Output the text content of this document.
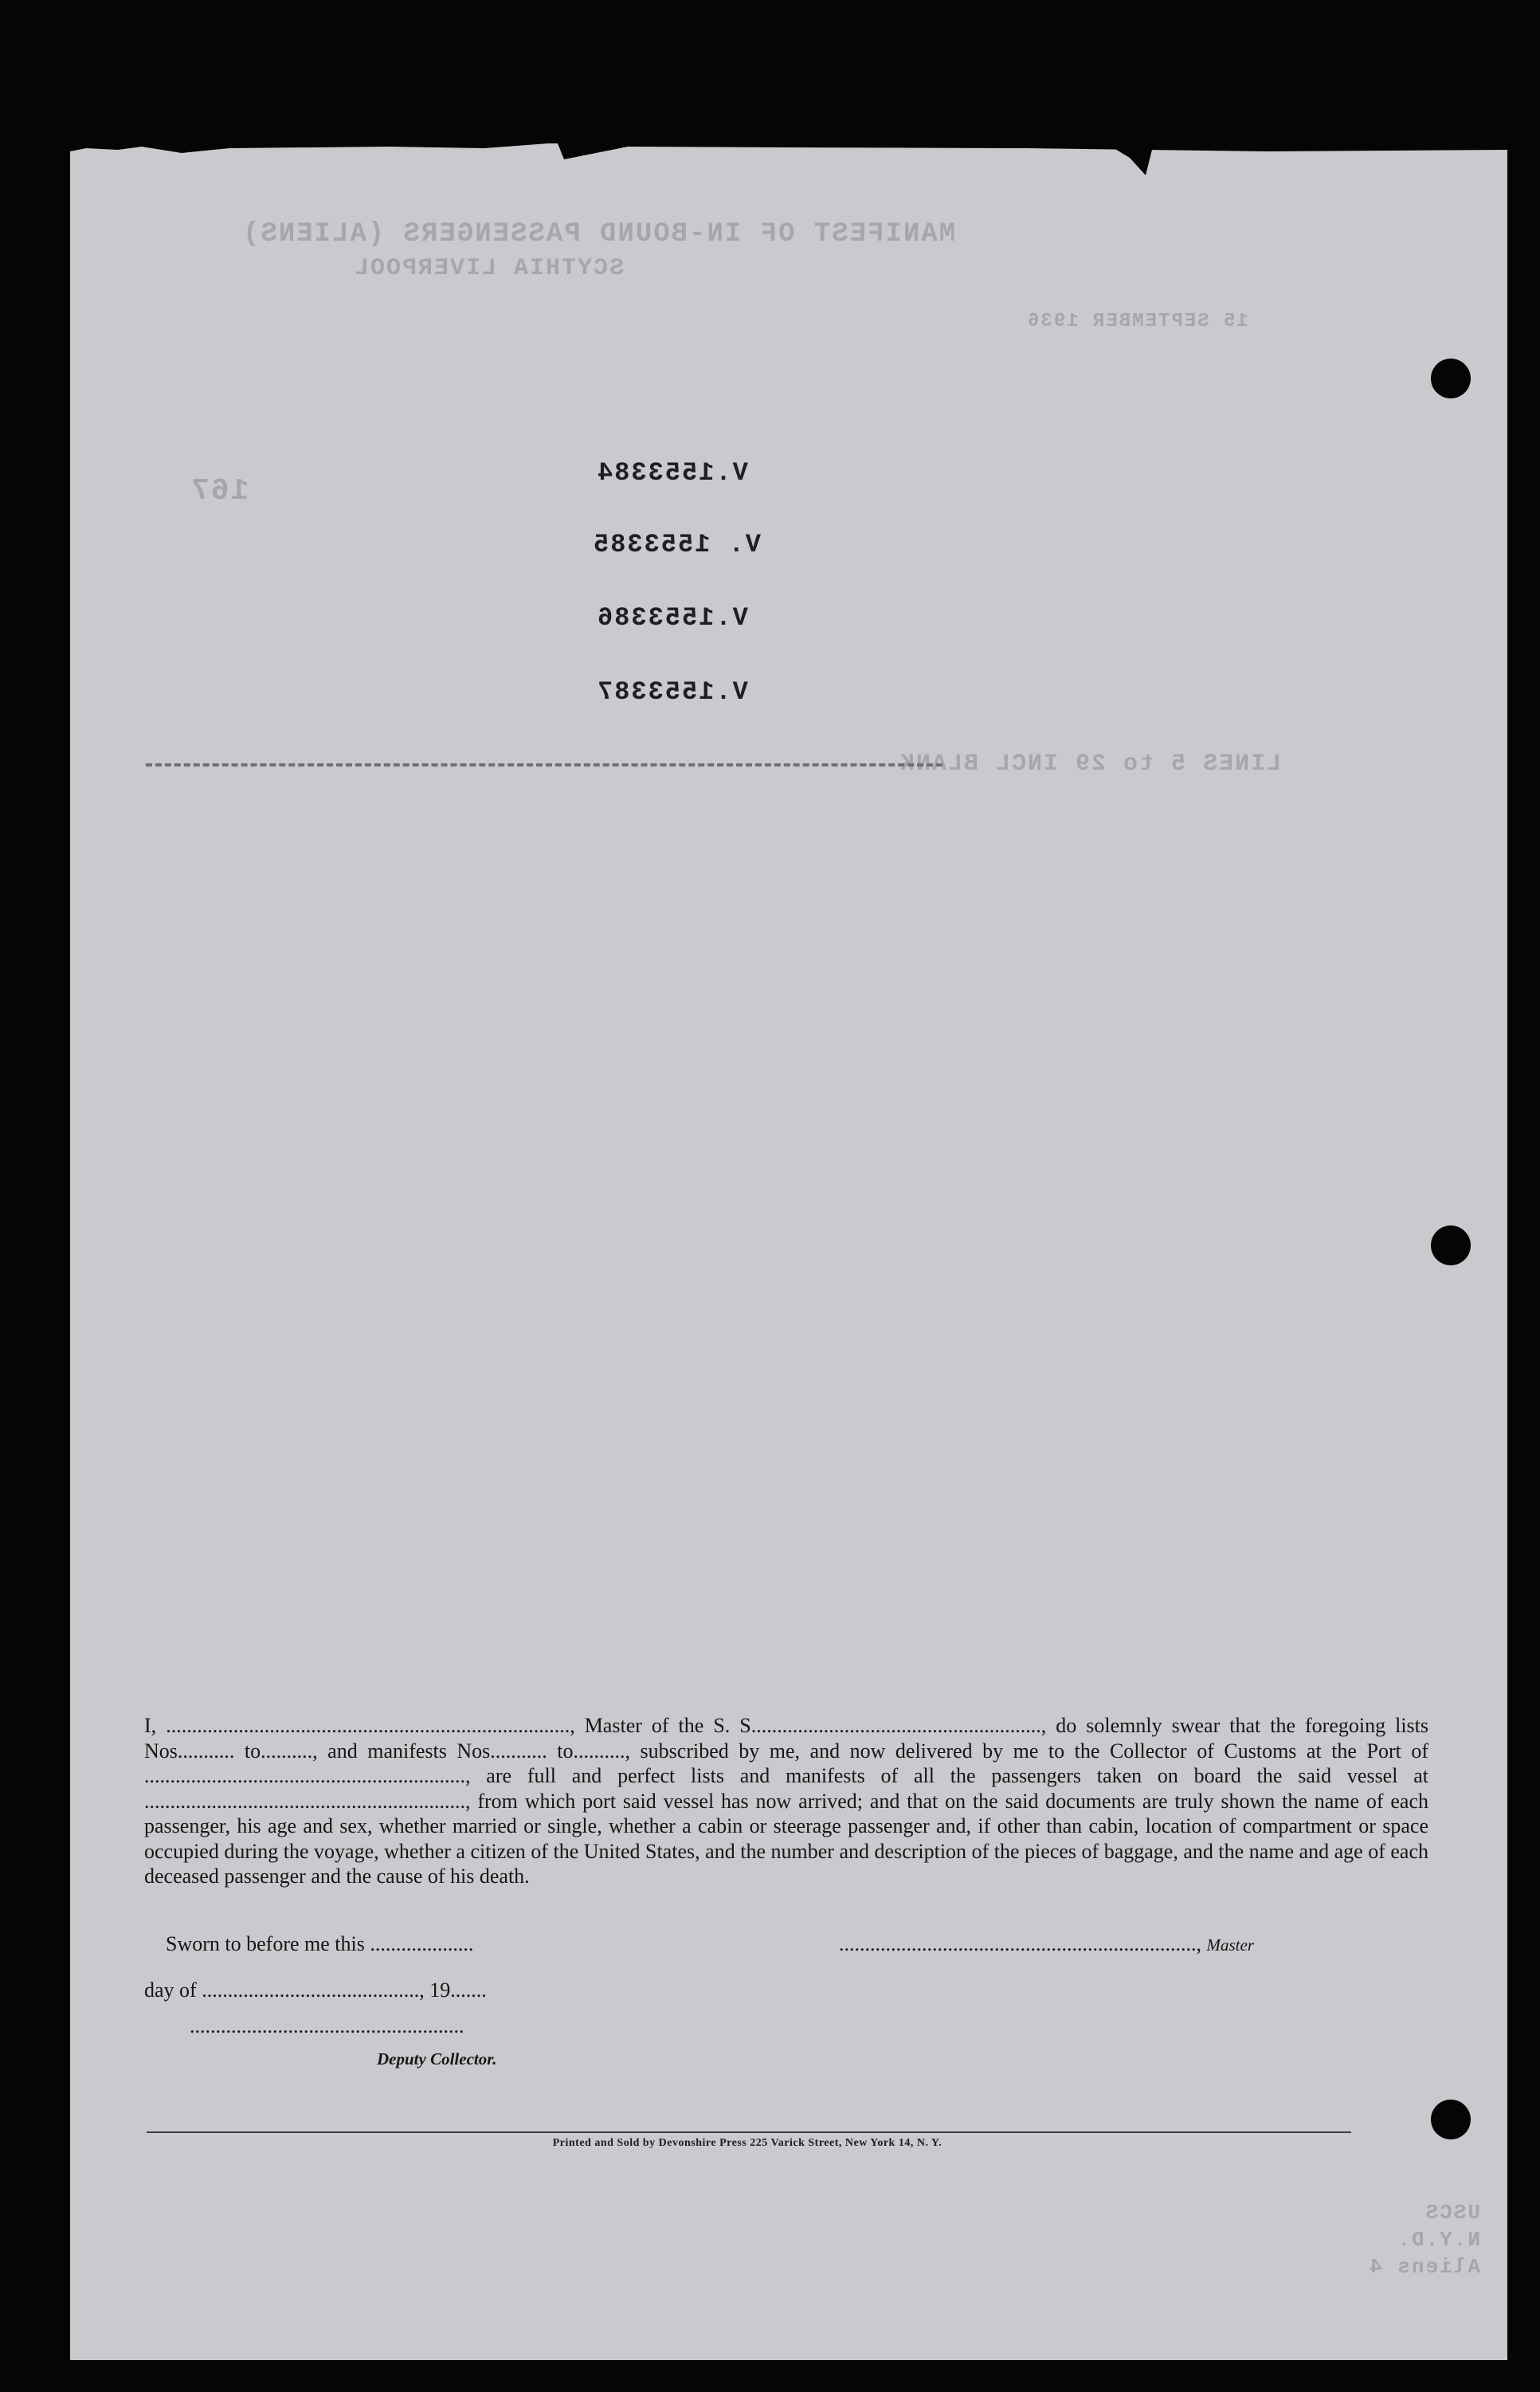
MANIFEST OF IN-BOUND PASSENGERS (ALIENS)
SCYTHIA LIVERPOOL
15 SEPTEMBER 1936
167
V.1553384
V. 1553385
V.1553386
V.1553387
LINES 5 to 29 INCL BLANK
USCS N.Y.D. Aliens 4
I, .............................................................................., Master of the S. S........................................................, do solemnly swear that the foregoing lists Nos........... to.........., and manifests Nos........... to.........., subscribed by me, and now delivered by me to the Collector of Customs at the Port of .............................................................., are full and perfect lists and manifests of all the passengers taken on board the said vessel at .............................................................., from which port said vessel has now arrived; and that on the said documents are truly shown the name of each passenger, his age and sex, whether married or single, whether a cabin or steerage passenger and, if other than cabin, location of compartment or space occupied during the voyage, whether a citizen of the United States, and the number and description of the pieces of baggage, and the name and age of each deceased passenger and the cause of his death.
Sworn to before me this ....................	....................................................................., Master
day of .........................................., 19.......
.....................................................
Deputy Collector.
Printed and Sold by Devonshire Press 225 Varick Street, New York 14, N. Y.
